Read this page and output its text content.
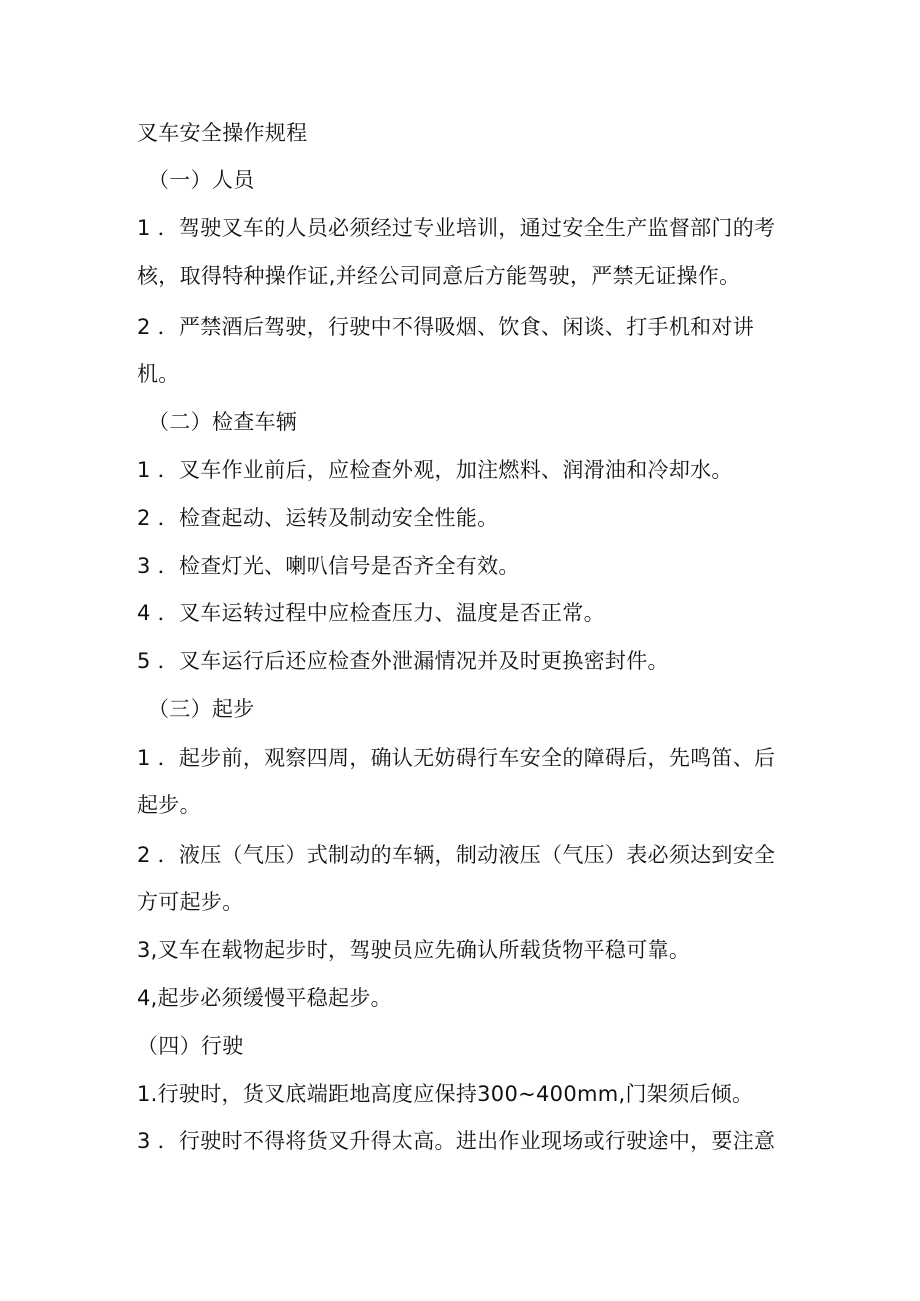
叉车安全操作规程
（一）人员
1 ．驾驶叉车的人员必须经过专业培训，通过安全生产监督部门的考
核，取得特种操作证,并经公司同意后方能驾驶，严禁无证操作。
2 ．严禁酒后驾驶，行驶中不得吸烟、饮食、闲谈、打手机和对讲
机。
（二）检查车辆
1 ．叉车作业前后，应检查外观，加注燃料、润滑油和冷却水。
2 ．检查起动、运转及制动安全性能。
3 ．检查灯光、喇叭信号是否齐全有效。
4 ．叉车运转过程中应检查压力、温度是否正常。
5 ．叉车运行后还应检查外泄漏情况并及时更换密封件。
（三）起步
1 ．起步前，观察四周，确认无妨碍行车安全的障碍后，先鸣笛、后
起步。
2 ．液压（气压）式制动的车辆，制动液压（气压）表必须达到安全
方可起步。
3,叉车在载物起步时，驾驶员应先确认所载货物平稳可靠。
4,起步必须缓慢平稳起步。
（四）行驶
1.行驶时，货叉底端距地高度应保持300~400mm,门架须后倾。
3 ．行驶时不得将货叉升得太高。进出作业现场或行驶途中，要注意
